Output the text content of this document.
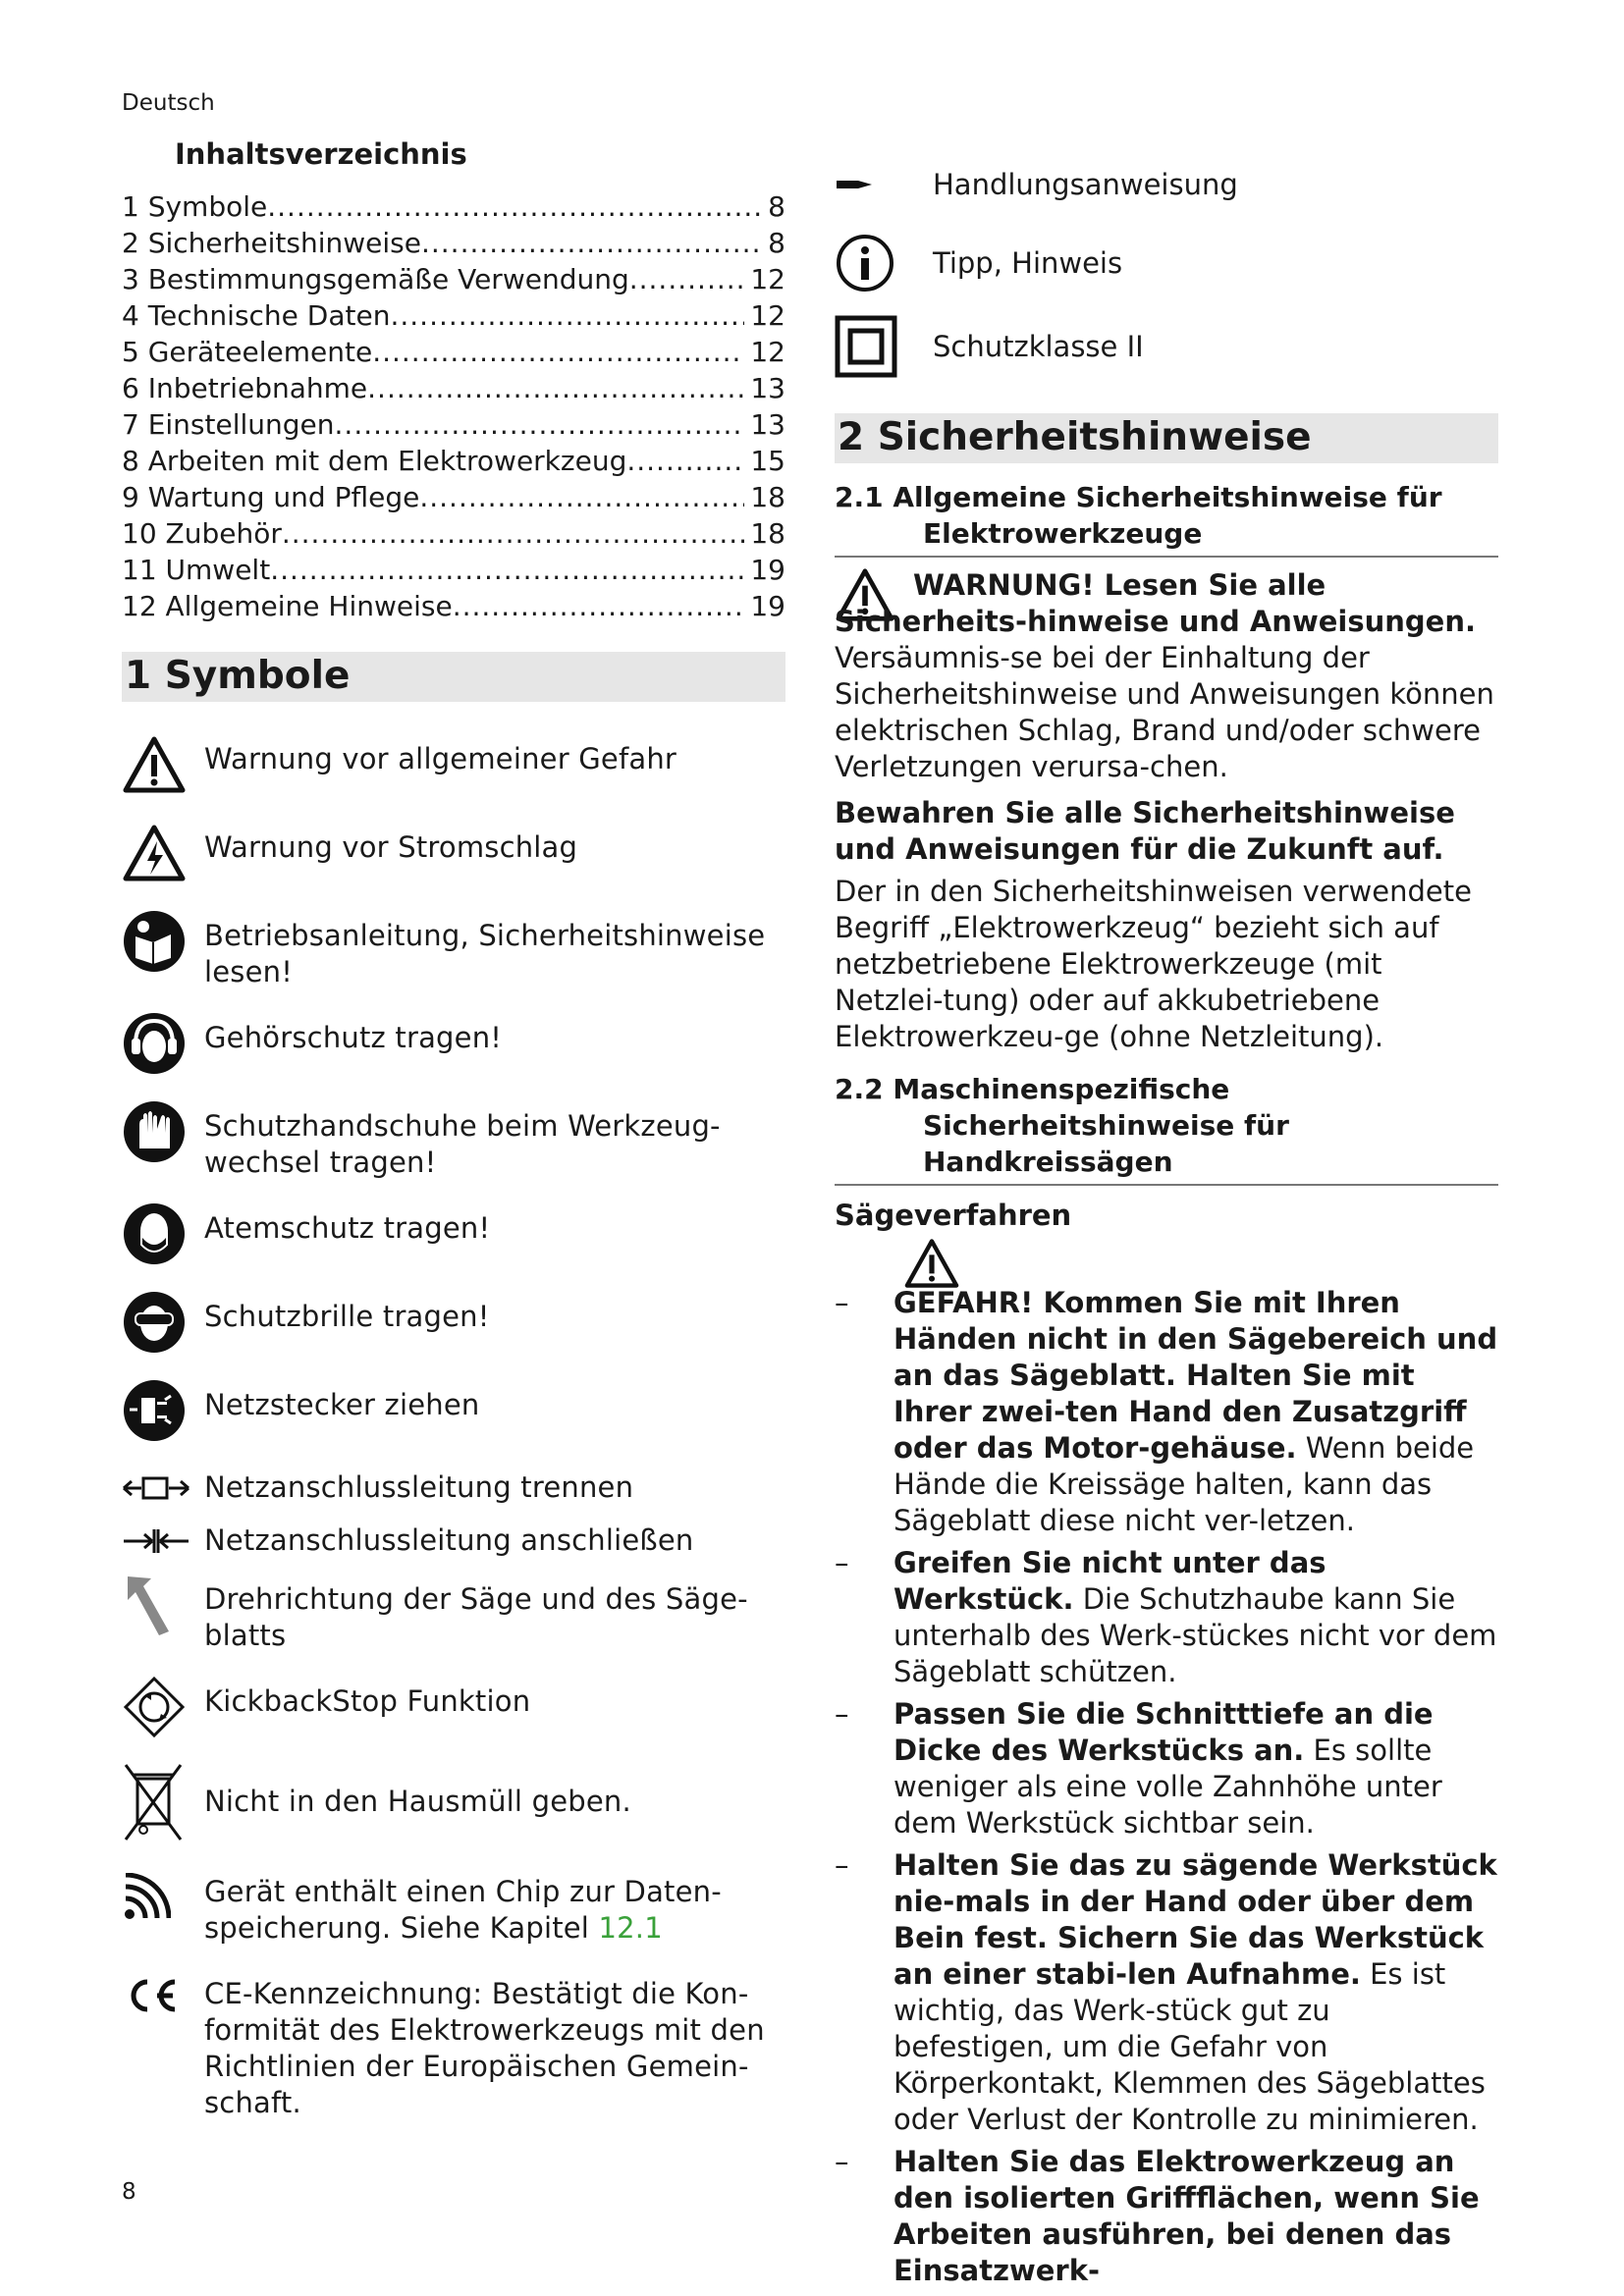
Deutsch
Inhaltsverzeichnis
1 Symbole .....	8
2 Sicherheitshinweise .....	8
3 Bestimmungsgemäße Verwendung .....	12
4 Technische Daten .....	12
5 Geräteelemente .....	12
6 Inbetriebnahme .....	13
7 Einstellungen .....	13
8 Arbeiten mit dem Elektrowerkzeug .....	15
9 Wartung und Pflege .....	18
10 Zubehör .....	18
11 Umwelt .....	19
12 Allgemeine Hinweise .....	19
1 Symbole
Warnung vor allgemeiner Gefahr
Warnung vor Stromschlag
Betriebsanleitung, Sicherheitshinweise lesen!
Gehörschutz tragen!
Schutzhandschuhe beim Werkzeug-wechsel tragen!
Atemschutz tragen!
Schutzbrille tragen!
Netzstecker ziehen
Netzanschlussleitung trennen
Netzanschlussleitung anschließen
Drehrichtung der Säge und des Säge-blatts
KickbackStop Funktion
Nicht in den Hausmüll geben.
Gerät enthält einen Chip zur Daten-speicherung. Siehe Kapitel 12.1
CE-Kennzeichnung: Bestätigt die Kon-formität des Elektrowerkzeugs mit den Richtlinien der Europäischen Gemein-schaft.
Handlungsanweisung
Tipp, Hinweis
Schutzklasse II
2 Sicherheitshinweise
2.1 Allgemeine Sicherheitshinweise für
Elektrowerkzeuge
WARNUNG! Lesen Sie alle Sicherheits-hinweise und Anweisungen. Versäumnis-se bei der Einhaltung der Sicherheitshinweise und Anweisungen können elektrischen Schlag, Brand und/oder schwere Verletzungen verursa-chen.

Bewahren Sie alle Sicherheitshinweise und Anweisungen für die Zukunft auf.

Der in den Sicherheitshinweisen verwendete Begriff „Elektrowerkzeug“ bezieht sich auf netzbetriebene Elektrowerkzeuge (mit Netzlei-tung) oder auf akkubetriebene Elektrowerkzeu-ge (ohne Netzleitung).

2.2 Maschinenspezifische
Sicherheitshinweise für
Handkreissägen
Sägeverfahren
– GEFAHR! Kommen Sie mit Ihren Händen nicht in den Sägebereich und an das Sägeblatt. Halten Sie mit Ihrer zwei-ten Hand den Zusatzgriff oder das Motor-gehäuse. Wenn beide Hände die Kreissäge halten, kann das Sägeblatt diese nicht ver-letzen.
– Greifen Sie nicht unter das Werkstück. Die Schutzhaube kann Sie unterhalb des Werk-stückes nicht vor dem Sägeblatt schützen.
– Passen Sie die Schnitttiefe an die Dicke des Werkstücks an. Es sollte weniger als eine volle Zahnhöhe unter dem Werkstück sichtbar sein.
– Halten Sie das zu sägende Werkstück nie-mals in der Hand oder über dem Bein fest. Sichern Sie das Werkstück an einer stabi-len Aufnahme. Es ist wichtig, das Werk-stück gut zu befestigen, um die Gefahr von Körperkontakt, Klemmen des Sägeblattes oder Verlust der Kontrolle zu minimieren.
– Halten Sie das Elektrowerkzeug an den isolierten Griffflächen, wenn Sie Arbeiten ausführen, bei denen das Einsatzwerk-
8
